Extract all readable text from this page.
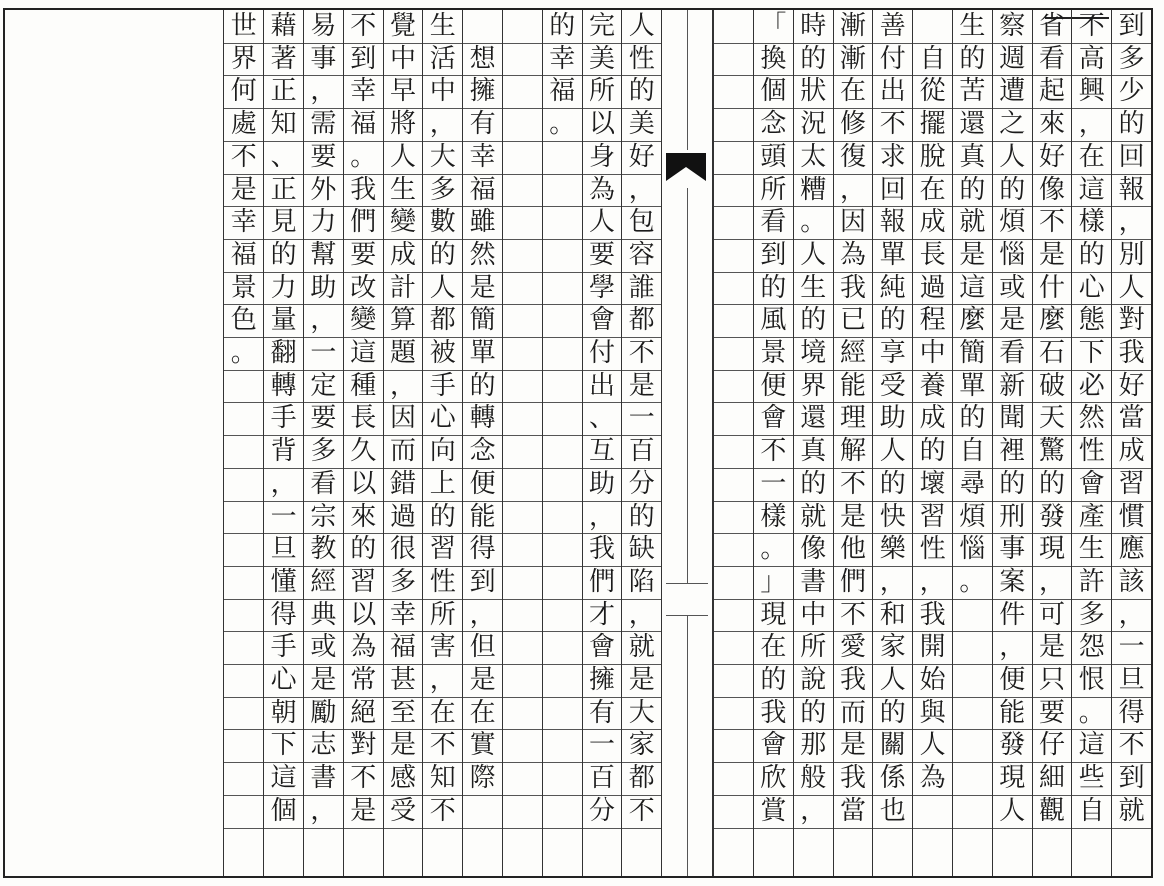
到
多
少
的
回
報
，
別
人
對
我
好
當
成
習
慣
應
該
，
一
旦
得
不
到
就
不
高
興
，
在
這
樣
的
心
態
下
必
然
性
會
產
生
許
多
怨
恨
。
這
些
自
省
看
起
來
好
像
不
是
什
麼
石
破
天
驚
的
發
現
，
可
是
只
要
仔
細
觀
察
週
遭
之
人
的
煩
惱
或
是
看
新
聞
裡
的
刑
事
案
件
，
便
能
發
現
人
生
的
苦
還
真
的
就
是
這
麼
簡
單
的
自
尋
煩
惱
。

自
從
擺
脫
在
成
長
過
程
中
養
成
的
壞
習
性
，
我
開
始
與
人
為
善
付
出
不
求
回
報
單
純
的
享
受
助
人
的
快
樂
，
和
家
人
的
關
係
也
漸
漸
在
修
復
，
因
為
我
已
經
能
理
解
不
是
他
們
不
愛
我
而
是
我
當
時
的
狀
況
太
糟
。
人
生
的
境
界
還
真
的
就
像
書
中
所
說
的
那
般
，
「
換
個
念
頭
所
看
到
的
風
景
便
會
不
一
樣
。
」
現
在
的
我
會
欣
賞
人
性
的
美
好
，
包
容
誰
都
不
是
一
百
分
的
缺
陷
，
就
是
大
家
都
不
完
美
所
以
身
為
人
要
學
會
付
出
、
互
助
，
我
們
才
會
擁
有
一
百
分
的
幸
福
。

想
擁
有
幸
福
雖
然
是
簡
單
的
轉
念
便
能
得
到
，
但
是
在
實
際
生
活
中
，
大
多
數
的
人
都
被
手
心
向
上
的
習
性
所
害
，
在
不
知
不
覺
中
早
將
人
生
變
成
計
算
題
，
因
而
錯
過
很
多
幸
福
甚
至
是
感
受
不
到
幸
福
。
我
們
要
改
變
這
種
長
久
以
來
的
習
以
為
常
絕
對
不
是
易
事
，
需
要
外
力
幫
助
，
一
定
要
多
看
宗
教
經
典
或
是
勵
志
書
，
藉
著
正
知
、
正
見
的
力
量
翻
轉
手
背
，
一
旦
懂
得
手
心
朝
下
這
個
世
界
何
處
不
是
幸
福
景
色
。
